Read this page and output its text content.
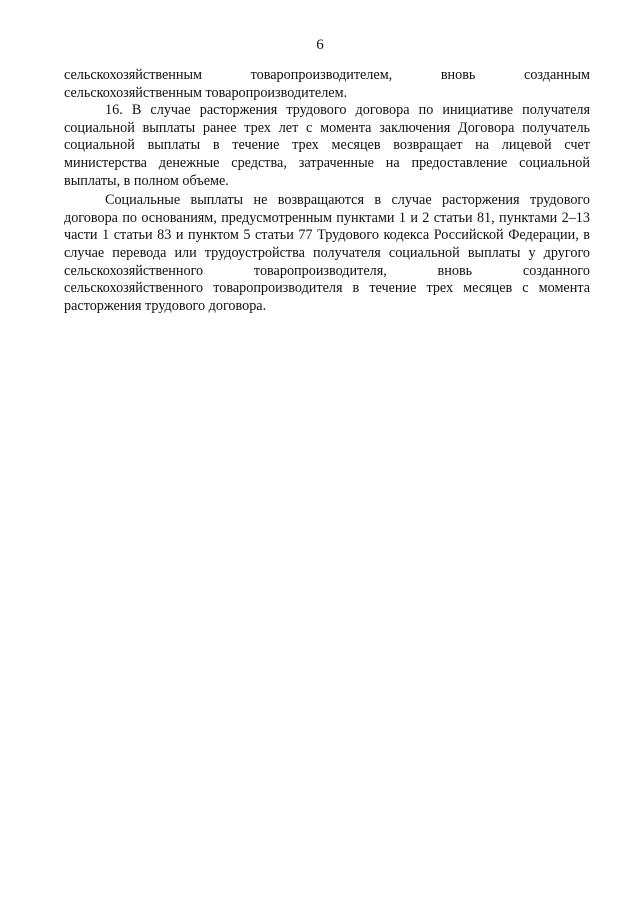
6

сельскохозяйственным товаропроизводителем, вновь созданным сельскохозяйственным товаропроизводителем.

16. В случае расторжения трудового договора по инициативе получателя социальной выплаты ранее трех лет с момента заключения Договора получатель социальной выплаты в течение трех месяцев возвращает на лицевой счет министерства денежные средства, затраченные на предоставление социальной выплаты, в полном объеме.

Социальные выплаты не возвращаются в случае расторжения трудового договора по основаниям, предусмотренным пунктами 1 и 2 статьи 81, пунктами 2–13 части 1 статьи 83 и пунктом 5 статьи 77 Трудового кодекса Российской Федерации, в случае перевода или трудоустройства получателя социальной выплаты у другого сельскохозяйственного товаропроизводителя, вновь созданного сельскохозяйственного товаропроизводителя в течение трех месяцев с момента расторжения трудового договора.
